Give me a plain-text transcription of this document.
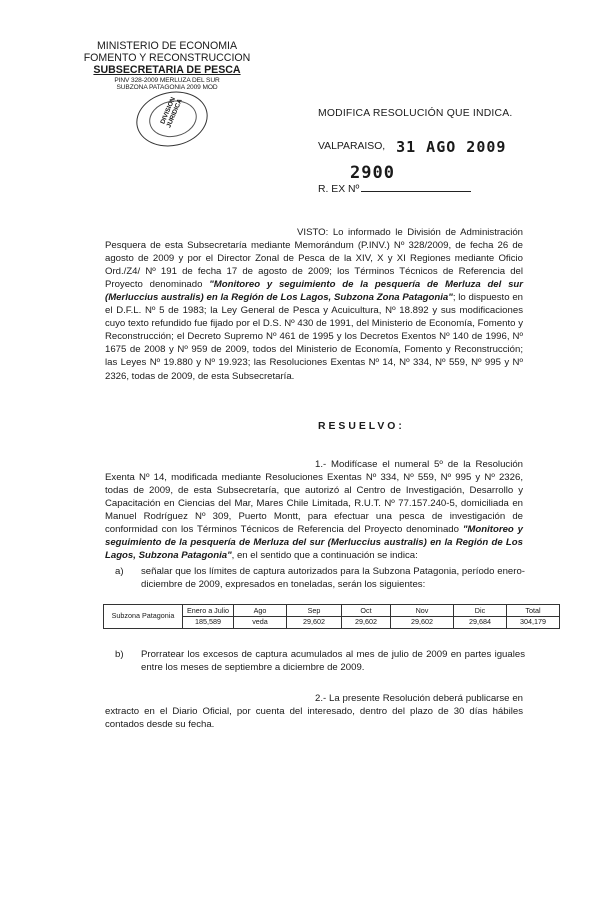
MINISTERIO DE ECONOMIA
FOMENTO Y RECONSTRUCCION
SUBSECRETARIA DE PESCA
PINV 328-2009 MERLUZA DEL SUR
SUBZONA PATAGONIA 2009 MOD
DIVISION JURIDICA	MODIFICA RESOLUCIÓN QUE INDICA.
VALPARAISO, 31 AGO 2009
2900
R. EX Nº
VISTO: Lo informado le División de Administración Pesquera de esta Subsecretaría mediante Memorándum (P.INV.) Nº 328/2009, de fecha 26 de agosto de 2009 y por el Director Zonal de Pesca de la XIV, X y XI Regiones mediante Oficio Ord./Z4/ Nº 191 de fecha 17 de agosto de 2009; los Términos Técnicos de Referencia del Proyecto denominado "Monitoreo y seguimiento de la pesquería de Merluza del sur (Merluccius australis) en la Región de Los Lagos, Subzona Zona Patagonia"; lo dispuesto en el D.F.L. Nº 5 de 1983; la Ley General de Pesca y Acuicultura, Nº 18.892 y sus modificaciones cuyo texto refundido fue fijado por el D.S. Nº 430 de 1991, del Ministerio de Economía, Fomento y Reconstrucción; el Decreto Supremo Nº 461 de 1995 y los Decretos Exentos Nº 140 de 1996, Nº 1675 de 2008 y Nº 959 de 2009, todos del Ministerio de Economía, Fomento y Reconstrucción; las Leyes Nº 19.880 y Nº 19.923; las Resoluciones Exentas Nº 14, Nº 334, Nº 559, Nº 995 y Nº 2326, todas de 2009, de esta Subsecretaría.
RESUELVO:
1.- Modifícase el numeral 5º de la Resolución Exenta Nº 14, modificada mediante Resoluciones Exentas Nº 334, Nº 559, Nº 995 y Nº 2326, todas de 2009, de esta Subsecretaría, que autorizó al Centro de Investigación, Desarrollo y Capacitación en Ciencias del Mar, Mares Chile Limitada, R.U.T. Nº 77.157.240-5, domiciliada en Manuel Rodríguez Nº 309, Puerto Montt, para efectuar una pesca de investigación de conformidad con los Términos Técnicos de Referencia del Proyecto denominado "Monitoreo y seguimiento de la pesquería de Merluza del sur (Merluccius australis) en la Región de Los Lagos, Subzona Patagonia", en el sentido que a continuación se indica:
a) señalar que los límites de captura autorizados para la Subzona Patagonia, período enero-diciembre de 2009, expresados en toneladas, serán los siguientes:
Subzona Patagonia	Enero a Julio	Ago	Sep	Oct	Nov	Dic	Total
	185,589	veda	29,602	29,602	29,602	29,684	304,179
b) Prorratear los excesos de captura acumulados al mes de julio de 2009 en partes iguales entre los meses de septiembre a diciembre de 2009.
2.- La presente Resolución deberá publicarse en extracto en el Diario Oficial, por cuenta del interesado, dentro del plazo de 30 días hábiles contados desde su fecha.
